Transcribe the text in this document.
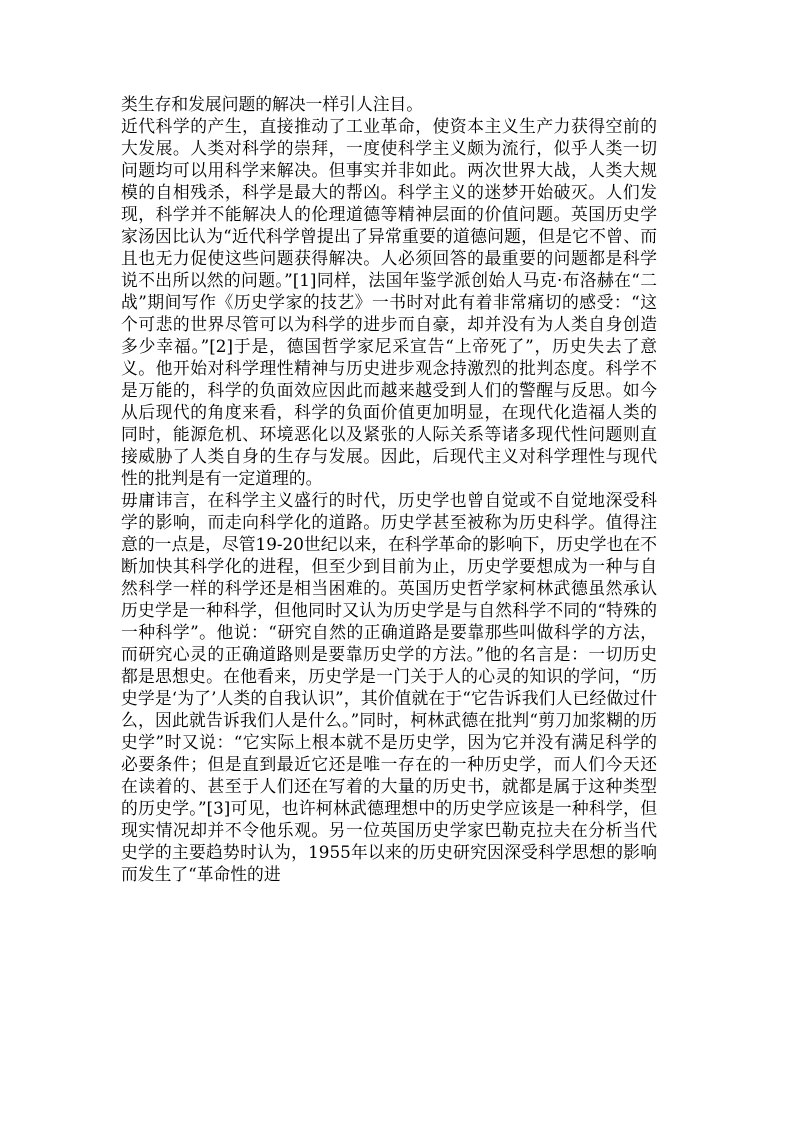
类生存和发展问题的解决一样引人注目。

近代科学的产生，直接推动了工业革命，使资本主义生产力获得空前的大发展。人类对科学的崇拜，一度使科学主义颇为流行，似乎人类一切问题均可以用科学来解决。但事实并非如此。两次世界大战，人类大规模的自相残杀，科学是最大的帮凶。科学主义的迷梦开始破灭。人们发现，科学并不能解决人的伦理道德等精神层面的价值问题。英国历史学家汤因比认为“近代科学曾提出了异常重要的道德问题，但是它不曾、而且也无力促使这些问题获得解决。人必须回答的最重要的问题都是科学说不出所以然的问题。”[1]同样，法国年鉴学派创始人马克·布洛赫在“二战”期间写作《历史学家的技艺》一书时对此有着非常痛切的感受：“这个可悲的世界尽管可以为科学的进步而自豪，却并没有为人类自身创造多少幸福。”[2]于是，德国哲学家尼采宣告“上帝死了”，历史失去了意义。他开始对科学理性精神与历史进步观念持激烈的批判态度。科学不是万能的，科学的负面效应因此而越来越受到人们的警醒与反思。如今从后现代的角度来看，科学的负面价值更加明显，在现代化造福人类的同时，能源危机、环境恶化以及紧张的人际关系等诸多现代性问题则直接威胁了人类自身的生存与发展。因此，后现代主义对科学理性与现代性的批判是有一定道理的。

毋庸讳言，在科学主义盛行的时代，历史学也曾自觉或不自觉地深受科学的影响，而走向科学化的道路。历史学甚至被称为历史科学。值得注意的一点是，尽管19-20世纪以来，在科学革命的影响下，历史学也在不断加快其科学化的进程，但至少到目前为止，历史学要想成为一种与自然科学一样的科学还是相当困难的。英国历史哲学家柯林武德虽然承认历史学是一种科学，但他同时又认为历史学是与自然科学不同的“特殊的一种科学”。他说：“研究自然的正确道路是要靠那些叫做科学的方法，而研究心灵的正确道路则是要靠历史学的方法。”他的名言是：一切历史都是思想史。在他看来，历史学是一门关于人的心灵的知识的学问，“历史学是‘为了’人类的自我认识”，其价值就在于“它告诉我们人已经做过什么，因此就告诉我们人是什么。”同时，柯林武德在批判“剪刀加浆糊的历史学”时又说：“它实际上根本就不是历史学，因为它并没有满足科学的必要条件；但是直到最近它还是唯一存在的一种历史学，而人们今天还在读着的、甚至于人们还在写着的大量的历史书，就都是属于这种类型的历史学。”[3]可见，也许柯林武德理想中的历史学应该是一种科学，但现实情况却并不令他乐观。另一位英国历史学家巴勒克拉夫在分析当代史学的主要趋势时认为，1955年以来的历史研究因深受科学思想的影响而发生了“革命性的进
